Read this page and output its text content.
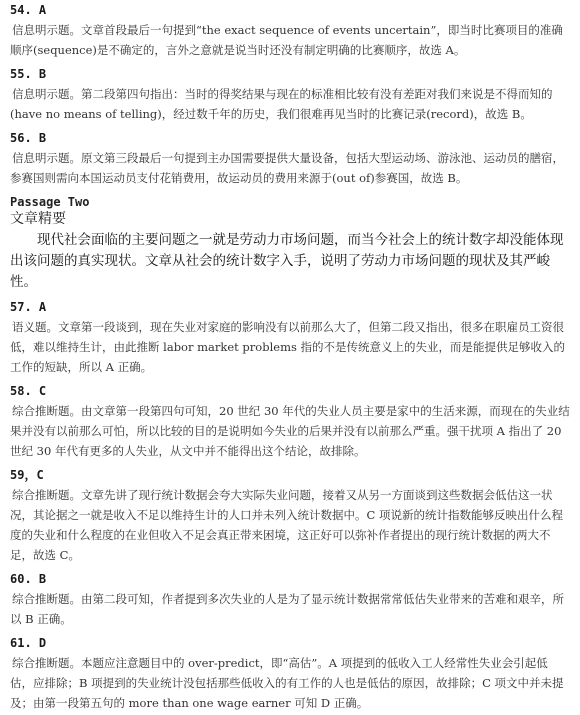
54. A

信息明示题。文章首段最后一句提到“the exact sequence of events uncertain”，即当时比赛项目的准确顺序(sequence)是不确定的，言外之意就是说当时还没有制定明确的比赛顺序，故选 A。

55. B

信息明示题。第二段第四句指出：当时的得奖结果与现在的标准相比较有没有差距对我们来说是不得而知的(have no means of telling)，经过数千年的历史，我们很难再见当时的比赛记录(record)，故选 B。

56. B

信息明示题。原文第三段最后一句提到主办国需要提供大量设备，包括大型运动场、游泳池、运动员的膳宿，参赛国则需向本国运动员支付花销费用，故运动员的费用来源于(out of)参赛国，故选 B。

Passage Two

文章精要

现代社会面临的主要问题之一就是劳动力市场问题，而当今社会上的统计数字却没能体现出该问题的真实现状。文章从社会的统计数字入手，说明了劳动力市场问题的现状及其严峻性。

57. A

语义题。文章第一段谈到，现在失业对家庭的影响没有以前那么大了，但第二段又指出，很多在职雇员工资很低，难以维持生计，由此推断 labor market problems 指的不是传统意义上的失业，而是能提供足够收入的工作的短缺，所以 A 正确。

58. C

综合推断题。由文章第一段第四句可知，20 世纪 30 年代的失业人员主要是家中的生活来源，而现在的失业结果并没有以前那么可怕，所以比较的目的是说明如今失业的后果并没有以前那么严重。强干扰项 A 指出了 20 世纪 30 年代有更多的人失业，从文中并不能得出这个结论，故排除。

59，C

综合推断题。文章先讲了现行统计数据会夸大实际失业问题，接着又从另一方面谈到这些数据会低估这一状况，其论据之一就是收入不足以维持生计的人口并未列入统计数据中。C 项说新的统计指数能够反映出什么程度的失业和什么程度的在业但收入不足会真正带来困境，这正好可以弥补作者提出的现行统计数据的两大不足，故选 C。

60. B

综合推断题。由第二段可知，作者提到多次失业的人是为了显示统计数据常常低估失业带来的苦难和艰辛，所以 B 正确。

61. D

综合推断题。本题应注意题目中的 over-predict，即“高估”。A 项提到的低收入工人经常性失业会引起低估，应排除；B 项提到的失业统计没包括那些低收入的有工作的人也是低估的原因，故排除；C 项文中并未提及；由第一段第五句的 more than one wage earner 可知 D 正确。
